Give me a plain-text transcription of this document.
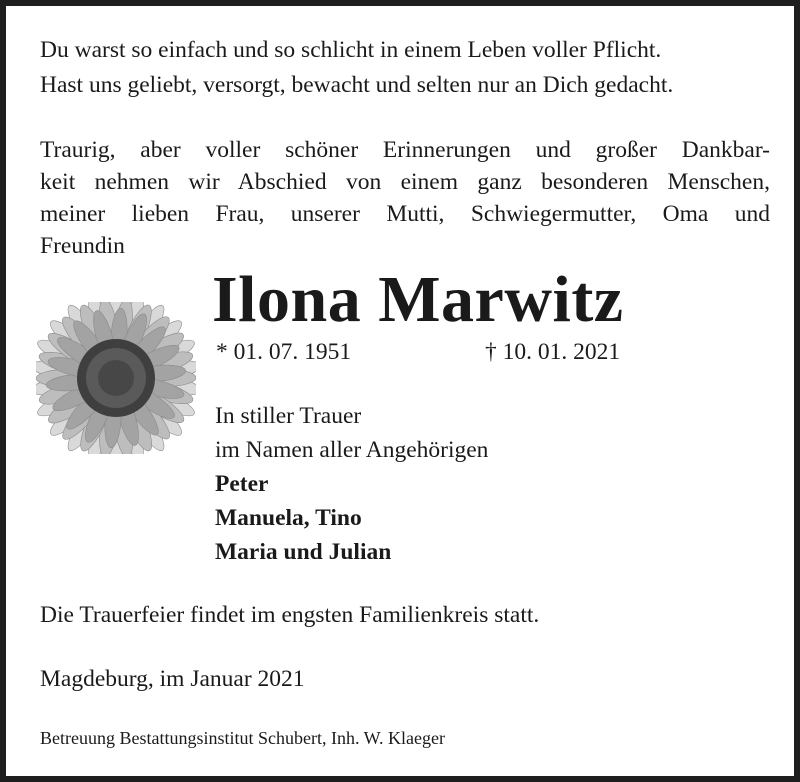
Du warst so einfach und so schlicht in einem Leben voller Pflicht.
Hast uns geliebt, versorgt, bewacht und selten nur an Dich gedacht.
Traurig, aber voller schöner Erinnerungen und großer Dankbar-
keit nehmen wir Abschied von einem ganz besonderen Menschen,
meiner lieben Frau, unserer Mutti, Schwiegermutter, Oma und
Freundin
Ilona Marwitz
* 01. 07. 1951	† 10. 01. 2021
In stiller Trauer
im Namen aller Angehörigen
Peter
Manuela, Tino
Maria und Julian
Die Trauerfeier findet im engsten Familienkreis statt.
Magdeburg, im Januar 2021
Betreuung Bestattungsinstitut Schubert, Inh. W. Klaeger
